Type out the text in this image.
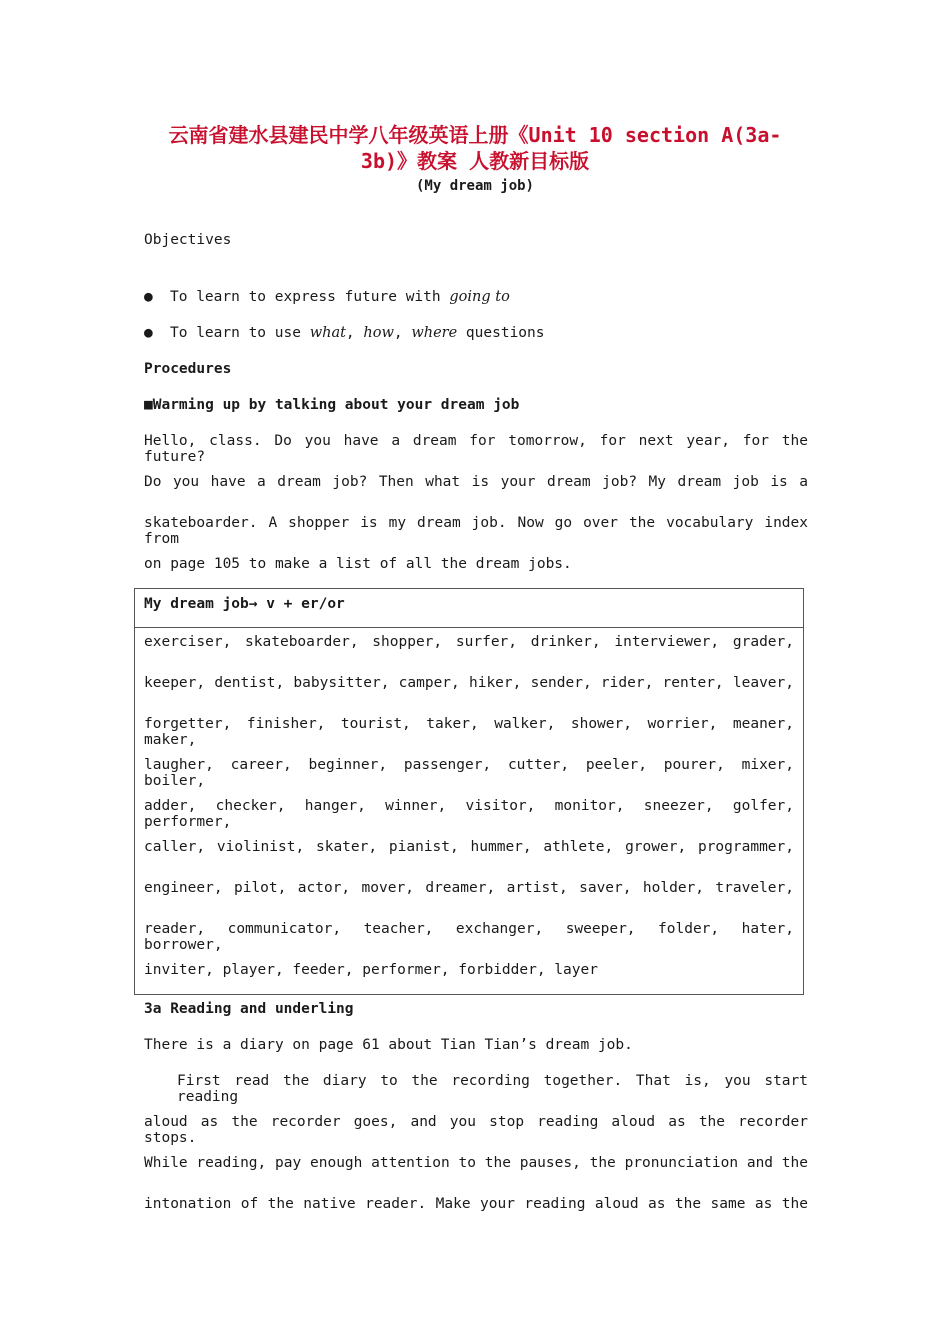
云南省建水县建民中学八年级英语上册《Unit 10 section A(3a-
3b)》教案 人教新目标版
(My dream job)
Objectives
● To learn to express future with going to
● To learn to use what, how, where questions
Procedures
■Warming up by talking about your dream job
Hello, class. Do you have a dream for tomorrow, for next year, for the future?
Do you have a dream job? Then what is your dream job? My dream job is a
skateboarder. A shopper is my dream job. Now go over the vocabulary index from
on page 105 to make a list of all the dream jobs.
My dream job→ v + er/or
exerciser, skateboarder, shopper, surfer, drinker, interviewer, grader,
keeper, dentist, babysitter, camper, hiker, sender, rider, renter, leaver,
forgetter, finisher, tourist, taker, walker, shower, worrier, meaner, maker,
laugher, career, beginner, passenger, cutter, peeler, pourer, mixer, boiler,
adder, checker, hanger, winner, visitor, monitor, sneezer, golfer, performer,
caller, violinist, skater, pianist, hummer, athlete, grower, programmer,
engineer, pilot, actor, mover, dreamer, artist, saver, holder, traveler,
reader, communicator, teacher, exchanger, sweeper, folder, hater, borrower,
inviter, player, feeder, performer, forbidder, layer
3a Reading and underling
There is a diary on page 61 about Tian Tian’s dream job.
First read the diary to the recording together. That is, you start reading
aloud as the recorder goes, and you stop reading aloud as the recorder stops.
While reading, pay enough attention to the pauses, the pronunciation and the
intonation of the native reader. Make your reading aloud as the same as the
